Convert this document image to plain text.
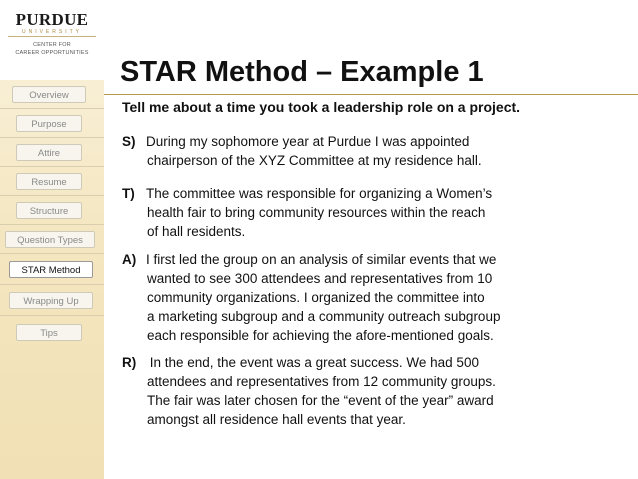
PURDUE
UNIVERSITY
CENTER FOR
CAREER OPPORTUNITIES
Overview
Purpose
Attire
Resume
Structure
Question Types
STAR Method
Wrapping Up
Tips
STAR Method – Example 1
Tell me about a time you took a leadership role on a project.
S) During my sophomore year at Purdue I was appointed
chairperson of the XYZ Committee at my residence hall.
T) The committee was responsible for organizing a Women’s
health fair to bring community resources within the reach
of hall residents.
A) I first led the group on an analysis of similar events that we
wanted to see 300 attendees and representatives from 10
community organizations. I organized the committee into
a marketing subgroup and a community outreach subgroup
each responsible for achieving the afore-mentioned goals.
R) In the end, the event was a great success. We had 500
attendees and representatives from 12 community groups.
The fair was later chosen for the “event of the year” award
amongst all residence hall events that year.
